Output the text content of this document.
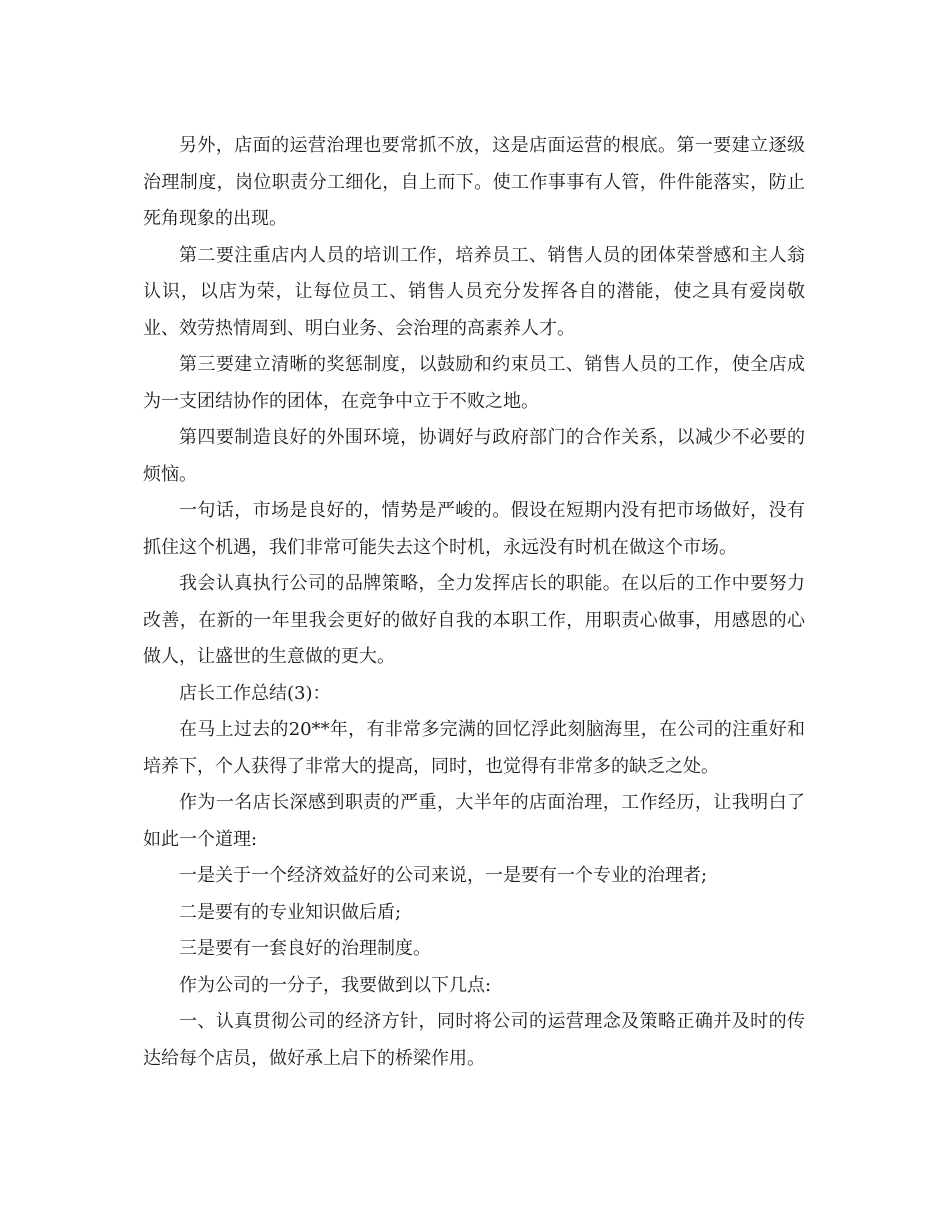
另外，店面的运营治理也要常抓不放，这是店面运营的根底。第一要建立逐级治理制度，岗位职责分工细化，自上而下。使工作事事有人管，件件能落实，防止死角现象的出现。

第二要注重店内人员的培训工作，培养员工、销售人员的团体荣誉感和主人翁认识，以店为荣，让每位员工、销售人员充分发挥各自的潜能，使之具有爱岗敬业、效劳热情周到、明白业务、会治理的高素养人才。

第三要建立清晰的奖惩制度，以鼓励和约束员工、销售人员的工作，使全店成为一支团结协作的团体，在竞争中立于不败之地。

第四要制造良好的外围环境，协调好与政府部门的合作关系，以减少不必要的烦恼。

一句话，市场是良好的，情势是严峻的。假设在短期内没有把市场做好，没有抓住这个机遇，我们非常可能失去这个时机，永远没有时机在做这个市场。

我会认真执行公司的品牌策略，全力发挥店长的职能。在以后的工作中要努力改善，在新的一年里我会更好的做好自我的本职工作，用职责心做事，用感恩的心做人，让盛世的生意做的更大。

店长工作总结(3)：

在马上过去的20**年，有非常多完满的回忆浮此刻脑海里，在公司的注重好和培养下，个人获得了非常大的提高，同时，也觉得有非常多的缺乏之处。

作为一名店长深感到职责的严重，大半年的店面治理，工作经历，让我明白了如此一个道理:

一是关于一个经济效益好的公司来说，一是要有一个专业的治理者;

二是要有的专业知识做后盾;

三是要有一套良好的治理制度。

作为公司的一分子，我要做到以下几点:

一、认真贯彻公司的经济方针，同时将公司的运营理念及策略正确并及时的传达给每个店员，做好承上启下的桥梁作用。
